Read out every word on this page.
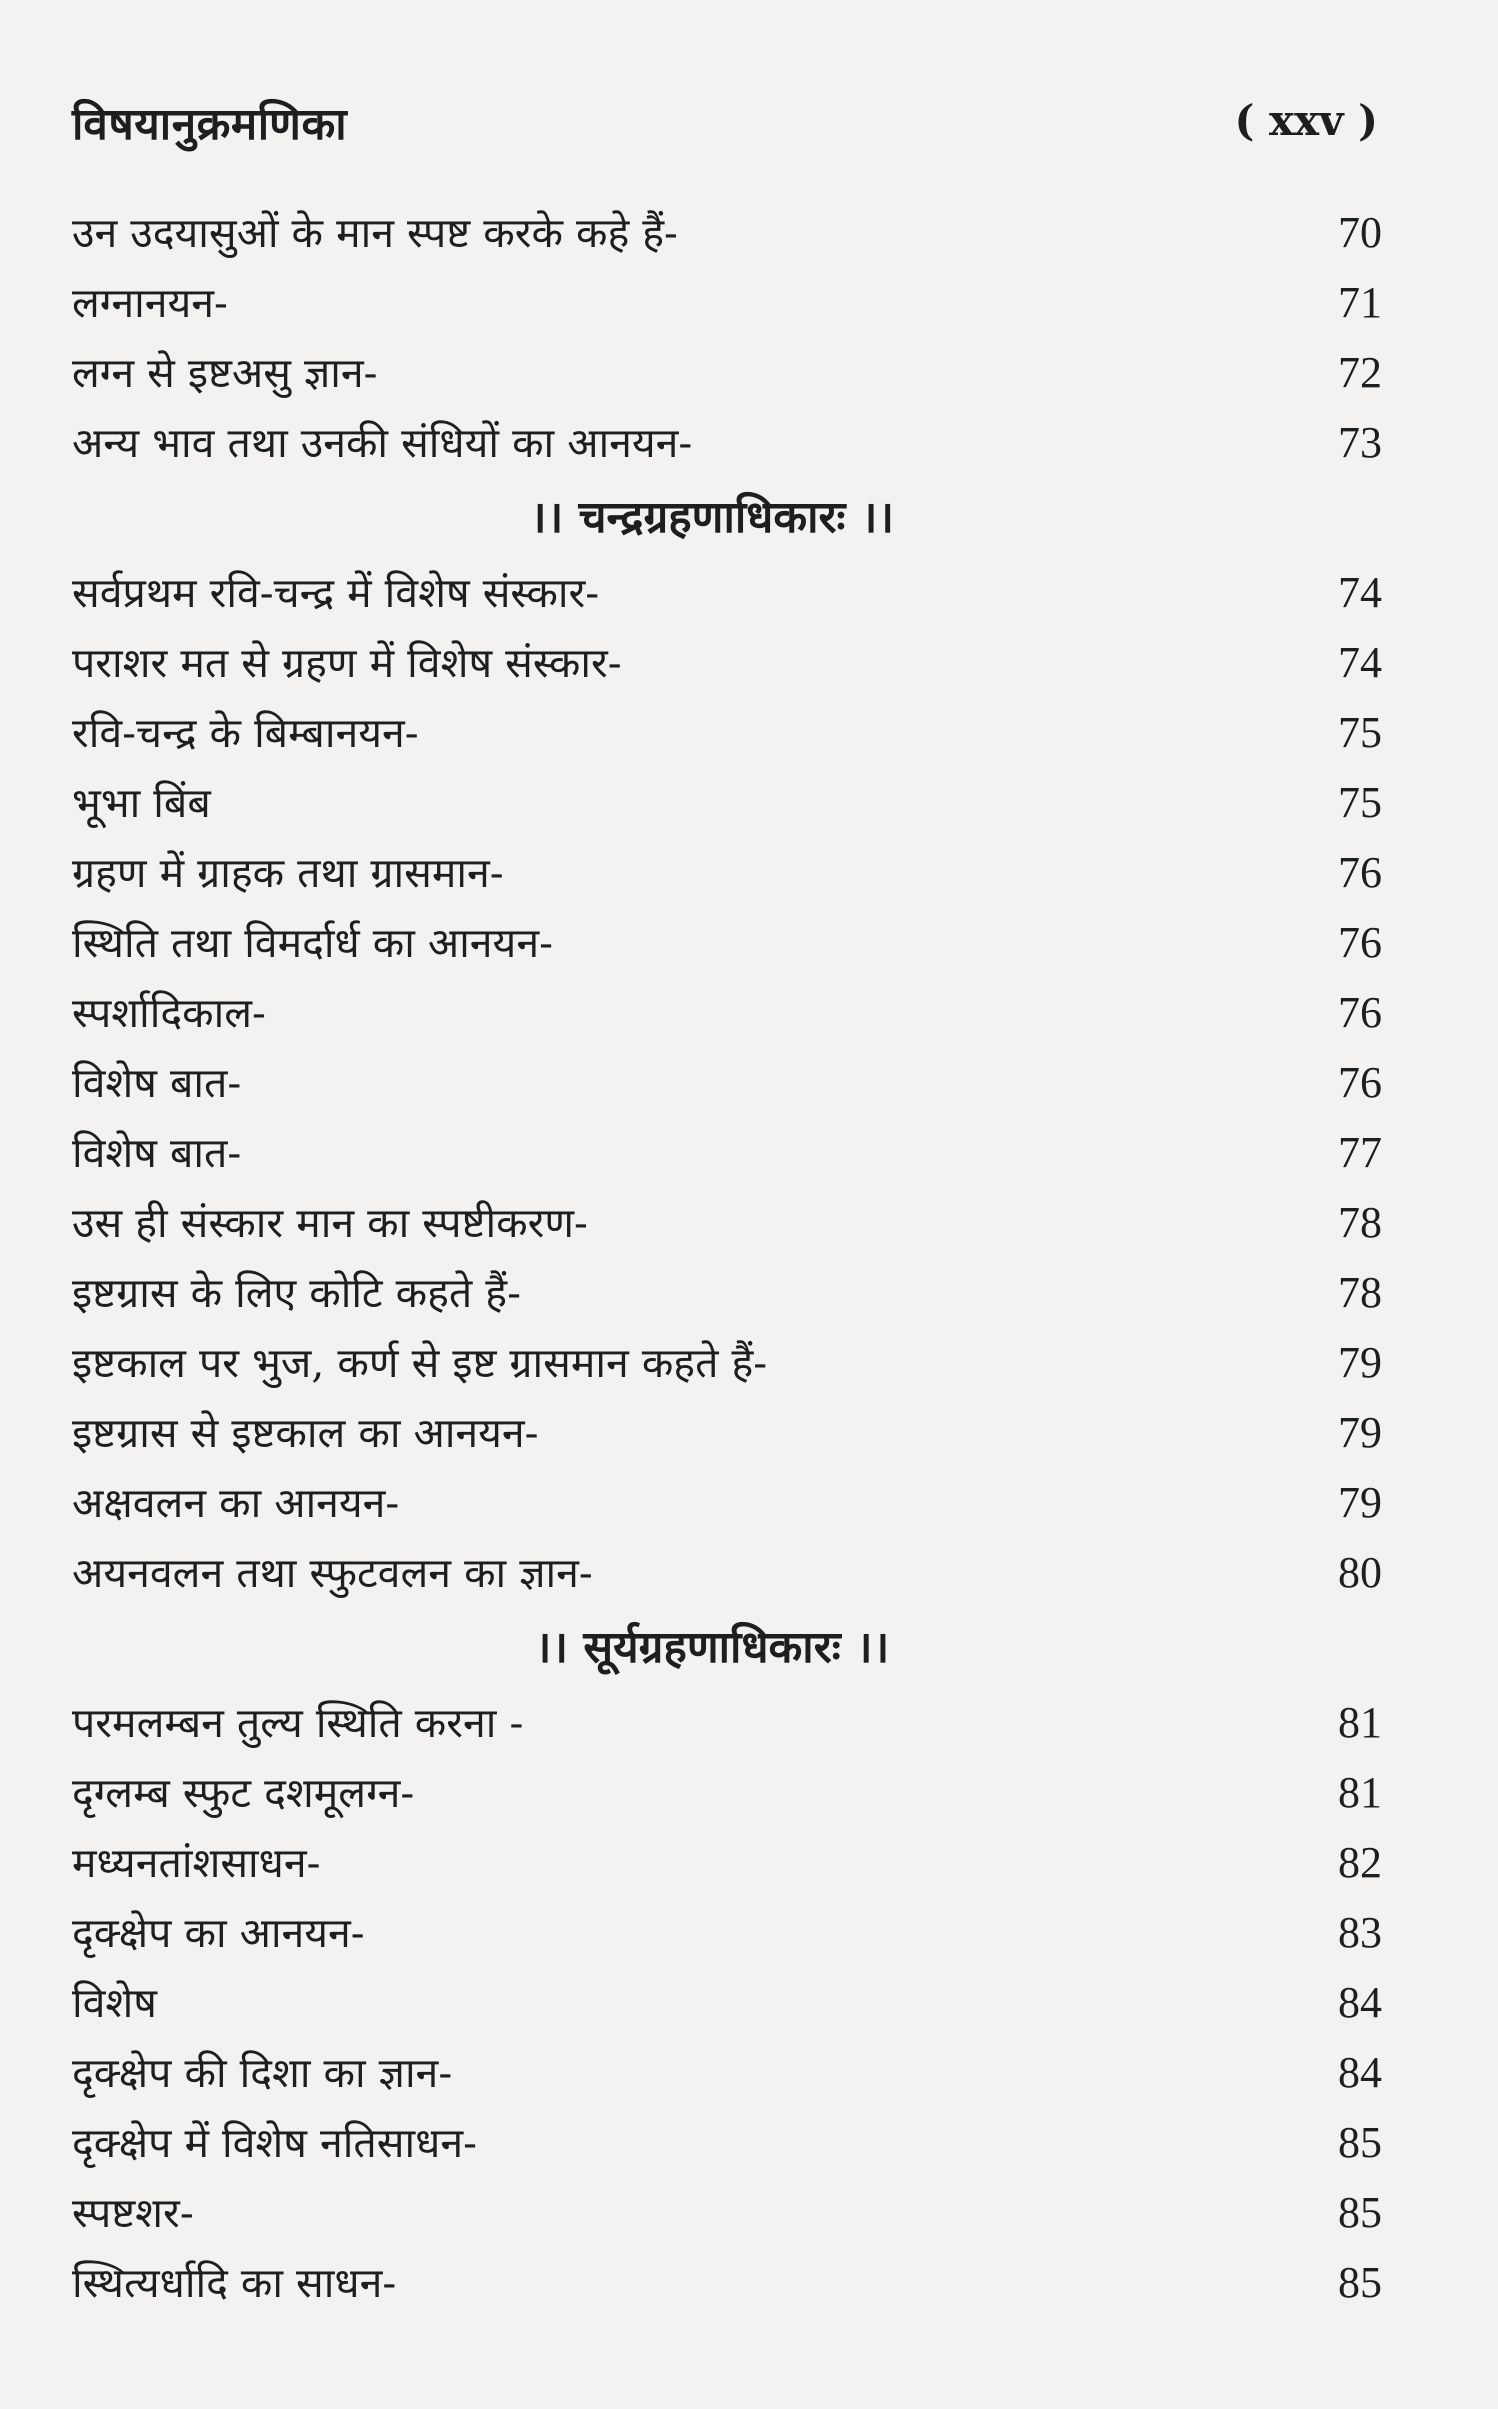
विषयानुक्रमणिका	( xxv )
उन उदयासुओं के मान स्पष्ट करके कहे हैं-	70
लग्नानयन-	71
लग्न से इष्टअसु ज्ञान-	72
अन्य भाव तथा उनकी संधियों का आनयन-	73
।। चन्द्रग्रहणाधिकारः ।।
सर्वप्रथम रवि-चन्द्र में विशेष संस्कार-	74
पराशर मत से ग्रहण में विशेष संस्कार-	74
रवि-चन्द्र के बिम्बानयन-	75
भूभा बिंब	75
ग्रहण में ग्राहक तथा ग्रासमान-	76
स्थिति तथा विमर्दार्ध का आनयन-	76
स्पर्शादिकाल-	76
विशेष बात-	76
विशेष बात-	77
उस ही संस्कार मान का स्पष्टीकरण-	78
इष्टग्रास के लिए कोटि कहते हैं-	78
इष्टकाल पर भुज, कर्ण से इष्ट ग्रासमान कहते हैं-	79
इष्टग्रास से इष्टकाल का आनयन-	79
अक्षवलन का आनयन-	79
अयनवलन तथा स्फुटवलन का ज्ञान-	80
।। सूर्यग्रहणाधिकारः ।।
परमलम्बन तुल्य स्थिति करना -	81
दृग्लम्ब स्फुट दशमूलग्न-	81
मध्यनतांशसाधन-	82
दृक्क्षेप का आनयन-	83
विशेष	84
दृक्क्षेप की दिशा का ज्ञान-	84
दृक्क्षेप में विशेष नतिसाधन-	85
स्पष्टशर-	85
स्थित्यर्धादि का साधन-	85
